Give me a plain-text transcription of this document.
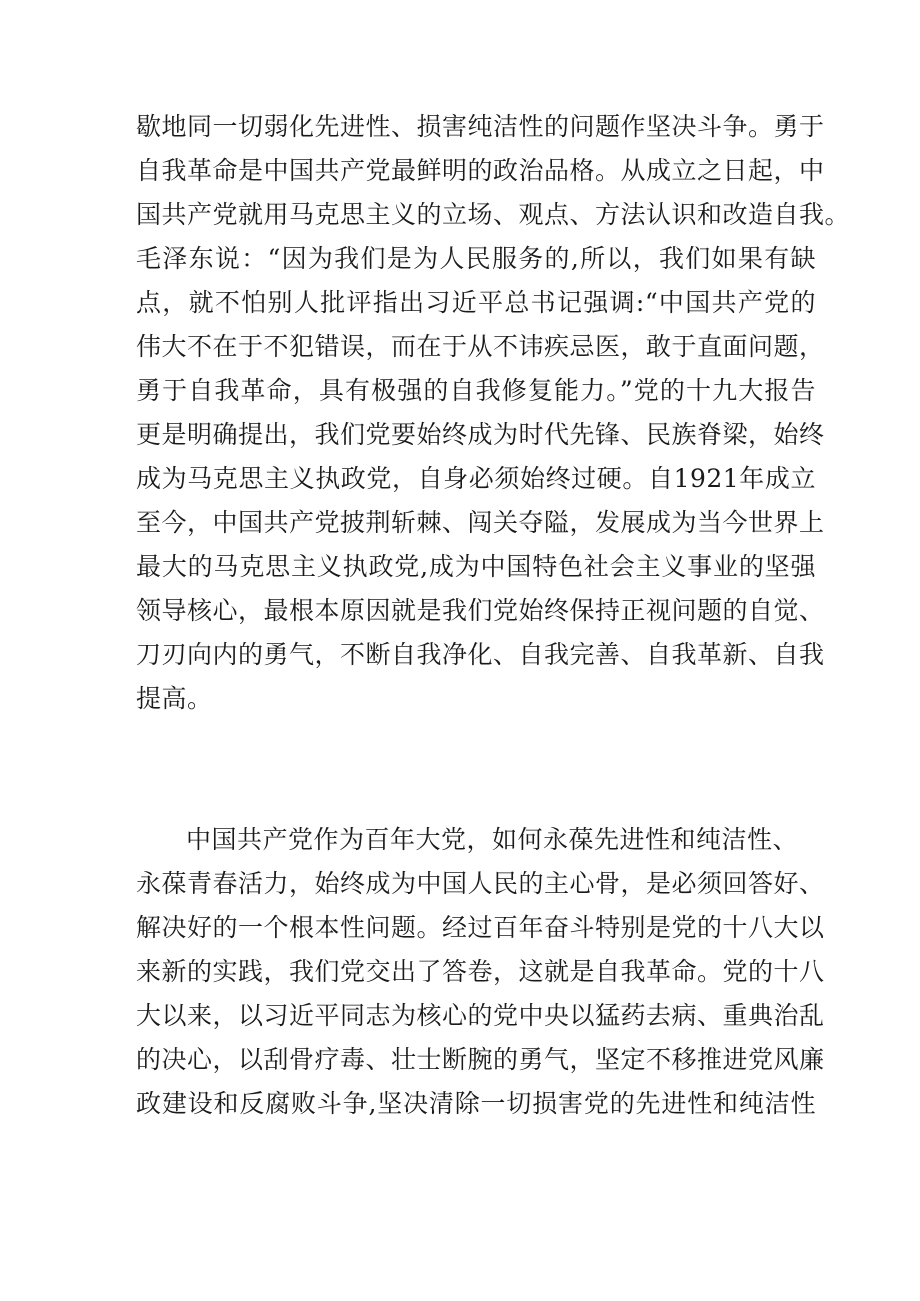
歇地同一切弱化先进性、损害纯洁性的问题作坚决斗争。勇于
自我革命是中国共产党最鲜明的政治品格。从成立之日起，中
国共产党就用马克思主义的立场、观点、方法认识和改造自我。
毛泽东说：“因为我们是为人民服务的,所以，我们如果有缺
点，就不怕别人批评指出习近平总书记强调:“中国共产党的
伟大不在于不犯错误，而在于从不讳疾忌医，敢于直面问题，
勇于自我革命，具有极强的自我修复能力。”党的十九大报告
更是明确提出，我们党要始终成为时代先锋、民族脊梁，始终
成为马克思主义执政党，自身必须始终过硬。自1921年成立
至今，中国共产党披荆斩棘、闯关夺隘，发展成为当今世界上
最大的马克思主义执政党,成为中国特色社会主义事业的坚强
领导核心，最根本原因就是我们党始终保持正视问题的自觉、
刀刃向内的勇气，不断自我净化、自我完善、自我革新、自我
提高。
中国共产党作为百年大党，如何永葆先进性和纯洁性、
永葆青春活力，始终成为中国人民的主心骨，是必须回答好、
解决好的一个根本性问题。经过百年奋斗特别是党的十八大以
来新的实践，我们党交出了答卷，这就是自我革命。党的十八
大以来，以习近平同志为核心的党中央以猛药去病、重典治乱
的决心，以刮骨疗毒、壮士断腕的勇气，坚定不移推进党风廉
政建设和反腐败斗争,坚决清除一切损害党的先进性和纯洁性
